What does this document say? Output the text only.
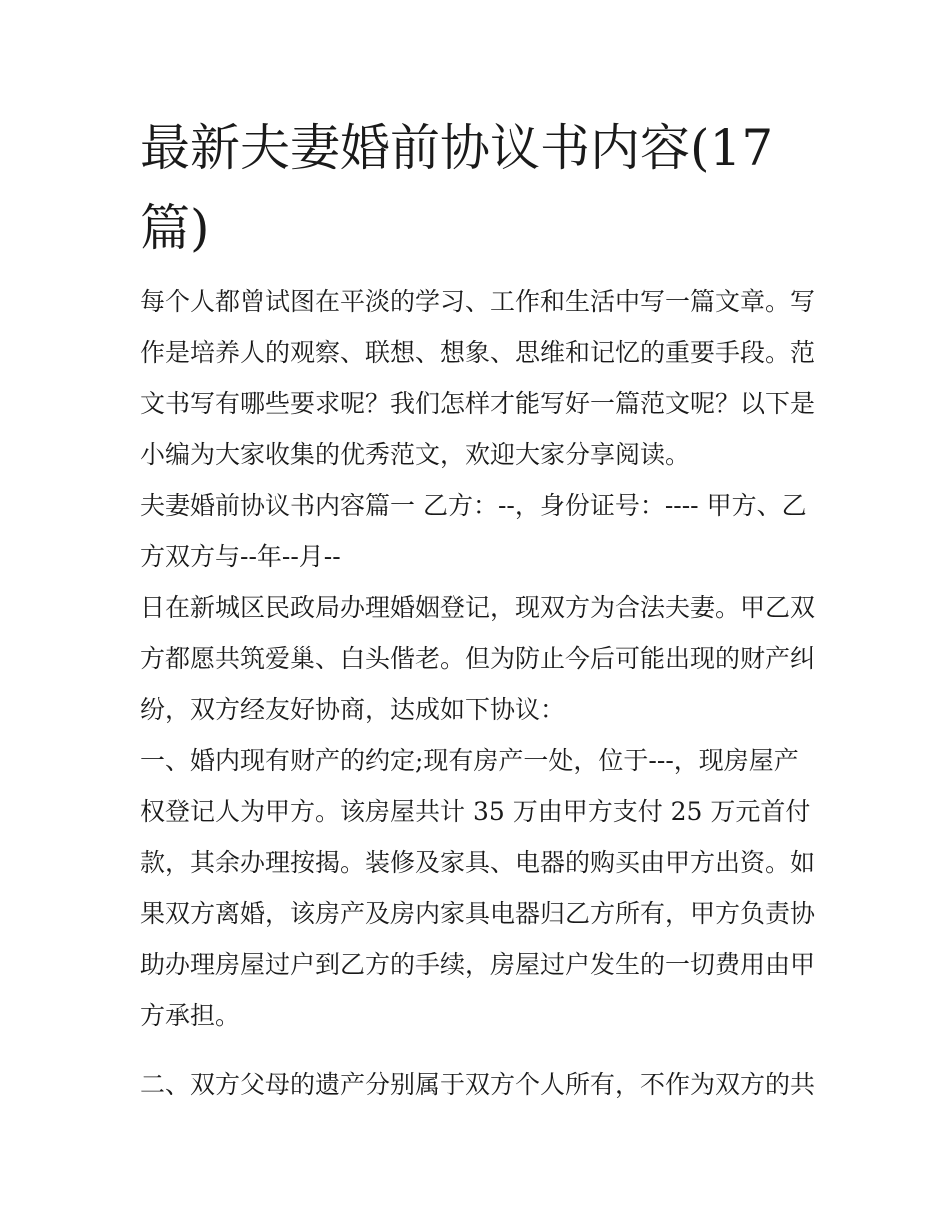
最新夫妻婚前协议书内容(17篇)

每个人都曾试图在平淡的学习、工作和生活中写一篇文章。写作是培养人的观察、联想、想象、思维和记忆的重要手段。范文书写有哪些要求呢？我们怎样才能写好一篇范文呢？以下是小编为大家收集的优秀范文，欢迎大家分享阅读。

夫妻婚前协议书内容篇一 乙方：--，身份证号：---- 甲方、乙方双方与--年--月--

日在新城区民政局办理婚姻登记，现双方为合法夫妻。甲乙双方都愿共筑爱巢、白头偕老。但为防止今后可能出现的财产纠纷，双方经友好协商，达成如下协议：

一、婚内现有财产的约定;现有房产一处，位于---，现房屋产权登记人为甲方。该房屋共计 35 万由甲方支付 25 万元首付款，其余办理按揭。装修及家具、电器的购买由甲方出资。如果双方离婚，该房产及房内家具电器归乙方所有，甲方负责协助办理房屋过户到乙方的手续，房屋过户发生的一切费用由甲方承担。

二、双方父母的遗产分别属于双方个人所有，不作为双方的共
